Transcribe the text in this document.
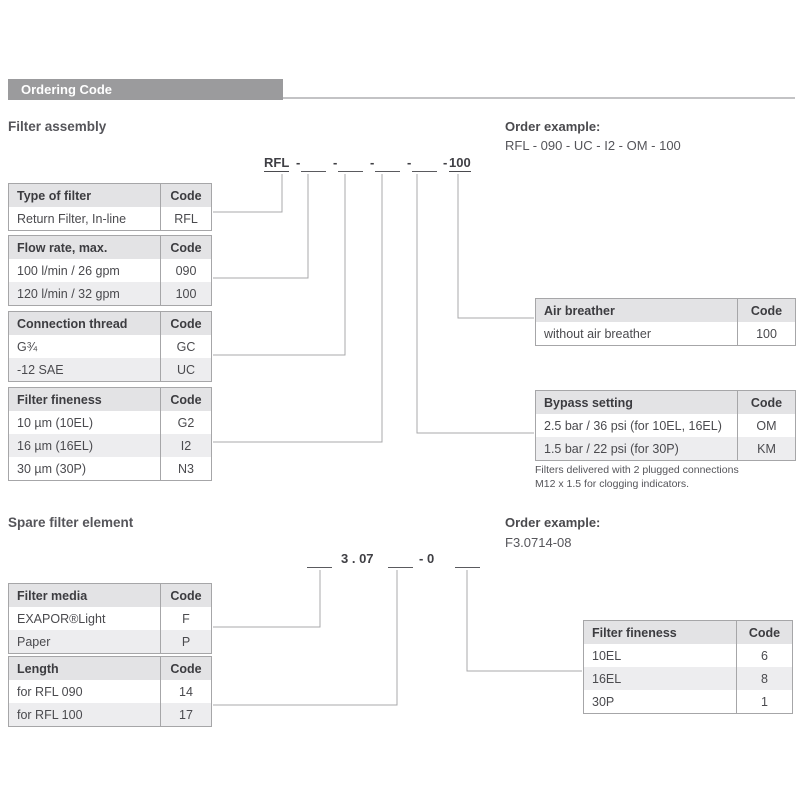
Ordering Code
Filter assembly	Order example:
RFL - 090 - UC - I2 - OM - 100
RFL -	-	-	- - 100
Type of filter	Code
Return Filter, In-line	RFL
Flow rate, max.	Code
100 l/min / 26 gpm	090
120 l/min / 32 gpm	100
Connection thread	Code
G¾	GC
-12 SAE	UC
Filter fineness	Code
10 µm (10EL)	G2
16 µm (16EL)	I2
30 µm (30P)	N3
Air breather	Code
without air breather	100
Bypass setting	Code
2.5 bar / 36 psi (for 10EL, 16EL)	OM
1.5 bar / 22 psi (for 30P)	KM
Filters delivered with 2 plugged connections
M12 x 1.5 for clogging indicators.
Spare filter element	Order example:
F3.0714-08
3 . 07	- 0
Filter media	Code
EXAPOR®Light	F
Paper	P
Length	Code
for RFL 090	14
for RFL 100	17
Filter fineness	Code
10EL	6
16EL	8
30P	1
